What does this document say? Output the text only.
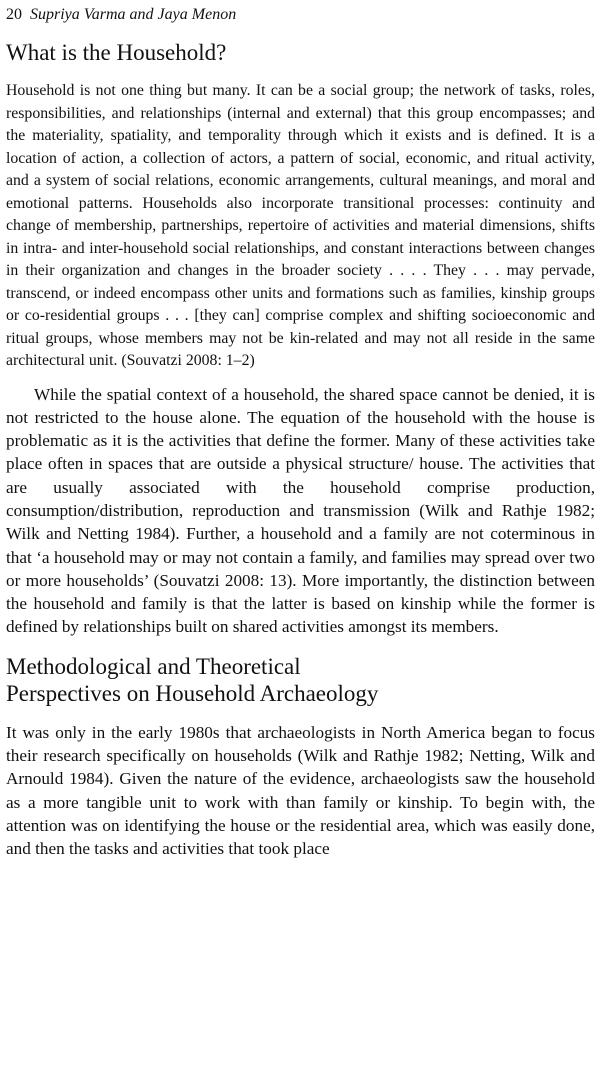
20 Supriya Varma and Jaya Menon
What is the Household?

Household is not one thing but many. It can be a social group; the network of tasks, roles, responsibilities, and relationships (internal and external) that this group encompasses; and the materiality, spatiality, and temporality through which it exists and is defined. It is a location of action, a collection of actors, a pattern of social, economic, and ritual activity, and a system of social relations, economic arrangements, cultural meanings, and moral and emotional patterns. Households also incorporate transitional processes: continuity and change of membership, partnerships, repertoire of activities and material dimensions, shifts in intra- and inter-household social relationships, and constant interactions between changes in their organization and changes in the broader society . . . . They . . . may pervade, transcend, or indeed encompass other units and formations such as families, kinship groups or co-residential groups . . . [they can] comprise complex and shifting socioeconomic and ritual groups, whose members may not be kin-related and may not all reside in the same architectural unit. (Souvatzi 2008: 1–2)

While the spatial context of a household, the shared space cannot be denied, it is not restricted to the house alone. The equation of the household with the house is problematic as it is the activities that define the former. Many of these activities take place often in spaces that are outside a physical structure/ house. The activities that are usually associated with the household comprise production, consumption/distribution, reproduction and transmission (Wilk and Rathje 1982; Wilk and Netting 1984). Further, a household and a family are not coterminous in that ‘a household may or may not contain a family, and families may spread over two or more households’ (Souvatzi 2008: 13). More importantly, the distinction between the household and family is that the latter is based on kinship while the former is defined by relationships built on shared activities amongst its members.

Methodological and Theoretical
Perspectives on Household Archaeology

It was only in the early 1980s that archaeologists in North America began to focus their research specifically on households (Wilk and Rathje 1982; Netting, Wilk and Arnould 1984). Given the nature of the evidence, archaeologists saw the household as a more tangible unit to work with than family or kinship. To begin with, the attention was on identifying the house or the residential area, which was easily done, and then the tasks and activities that took place
